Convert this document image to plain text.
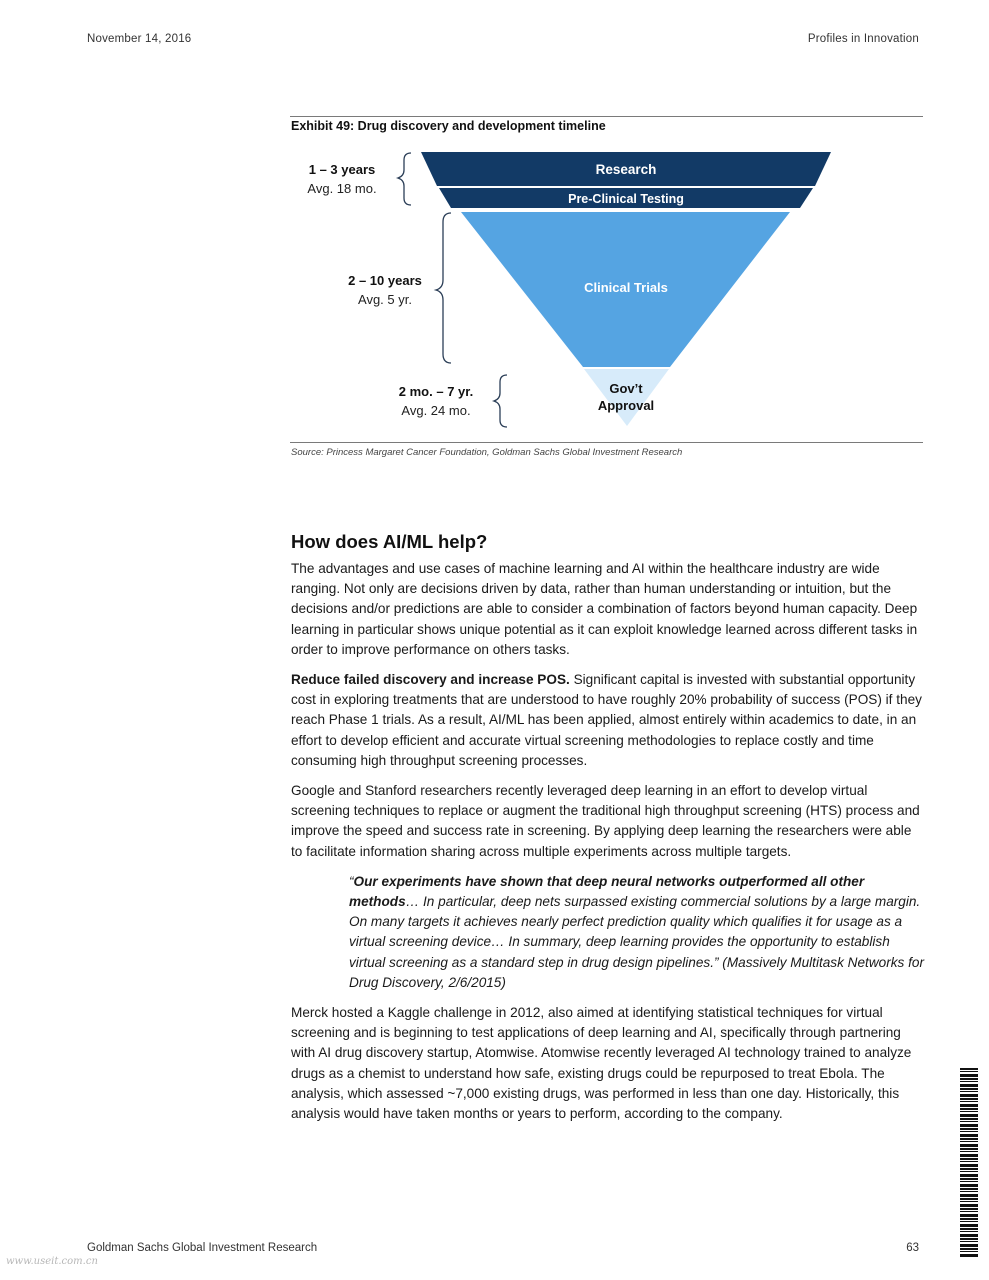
November 14, 2016	Profiles in Innovation
Exhibit 49: Drug discovery and development timeline
Research
Pre-Clinical Testing
Clinical Trials
Gov’t
Approval
1 – 3 years
Avg. 18 mo.
2 – 10 years
Avg. 5 yr.
2 mo. – 7 yr.
Avg. 24 mo.
Source: Princess Margaret Cancer Foundation, Goldman Sachs Global Investment Research
How does AI/ML help?

The advantages and use cases of machine learning and AI within the healthcare industry are wide ranging. Not only are decisions driven by data, rather than human understanding or intuition, but the decisions and/or predictions are able to consider a combination of factors beyond human capacity. Deep learning in particular shows unique potential as it can exploit knowledge learned across different tasks in order to improve performance on others tasks.

Reduce failed discovery and increase POS. Significant capital is invested with substantial opportunity cost in exploring treatments that are understood to have roughly 20% probability of success (POS) if they reach Phase 1 trials. As a result, AI/ML has been applied, almost entirely within academics to date, in an effort to develop efficient and accurate virtual screening methodologies to replace costly and time consuming high throughput screening processes.

Google and Stanford researchers recently leveraged deep learning in an effort to develop virtual screening techniques to replace or augment the traditional high throughput screening (HTS) process and improve the speed and success rate in screening. By applying deep learning the researchers were able to facilitate information sharing across multiple experiments across multiple targets.

“Our experiments have shown that deep neural networks outperformed all other methods… In particular, deep nets surpassed existing commercial solutions by a large margin. On many targets it achieves nearly perfect prediction quality which qualifies it for usage as a virtual screening device… In summary, deep learning provides the opportunity to establish virtual screening as a standard step in drug design pipelines.” (Massively Multitask Networks for Drug Discovery, 2/6/2015)

Merck hosted a Kaggle challenge in 2012, also aimed at identifying statistical techniques for virtual screening and is beginning to test applications of deep learning and AI, specifically through partnering with AI drug discovery startup, Atomwise. Atomwise recently leveraged AI technology trained to analyze drugs as a chemist to understand how safe, existing drugs could be repurposed to treat Ebola. The analysis, which assessed ~7,000 existing drugs, was performed in less than one day. Historically, this analysis would have taken months or years to perform, according to the company.

Goldman Sachs Global Investment Research	63
www.useit.com.cn
